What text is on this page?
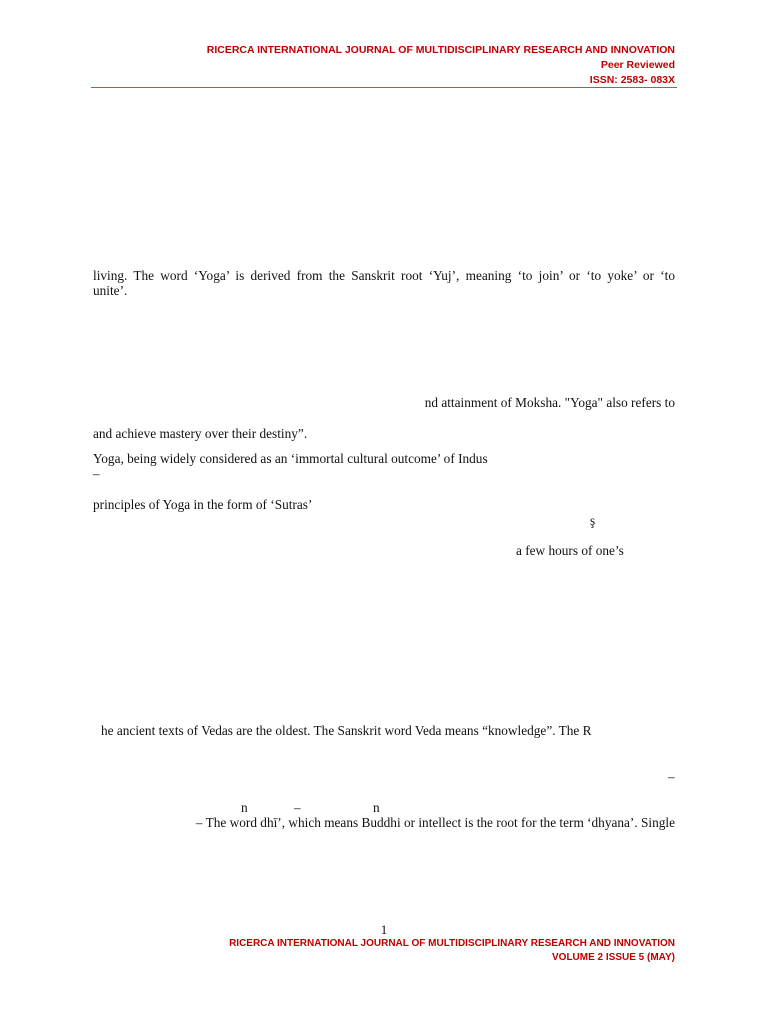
RICERCA INTERNATIONAL JOURNAL OF MULTIDISCIPLINARY RESEARCH AND INNOVATION
Peer Reviewed
ISSN: 2583- 083X
living. The word ‘Yoga’ is derived from the Sanskrit root ‘Yuj’, meaning ‘to join’ or ‘to yoke’ or ‘to
unite’.
nd attainment of Moksha. "Yoga" also refers to
and achieve mastery over their destiny”.
Yoga, being widely considered as an ‘immortal cultural outcome’ of Indus
–
principles of Yoga in the form of ‘Sutras’
ş
a few hours of one’s
he ancient texts of Vedas are the oldest. The Sanskrit word Veda means “knowledge”. The R
–
n	–	n
– The word dhī’, which means Buddhi or intellect is the root for the term ‘dhyana’. Single
1
RICERCA INTERNATIONAL JOURNAL OF MULTIDISCIPLINARY RESEARCH AND INNOVATION
VOLUME 2 ISSUE 5 (MAY)
